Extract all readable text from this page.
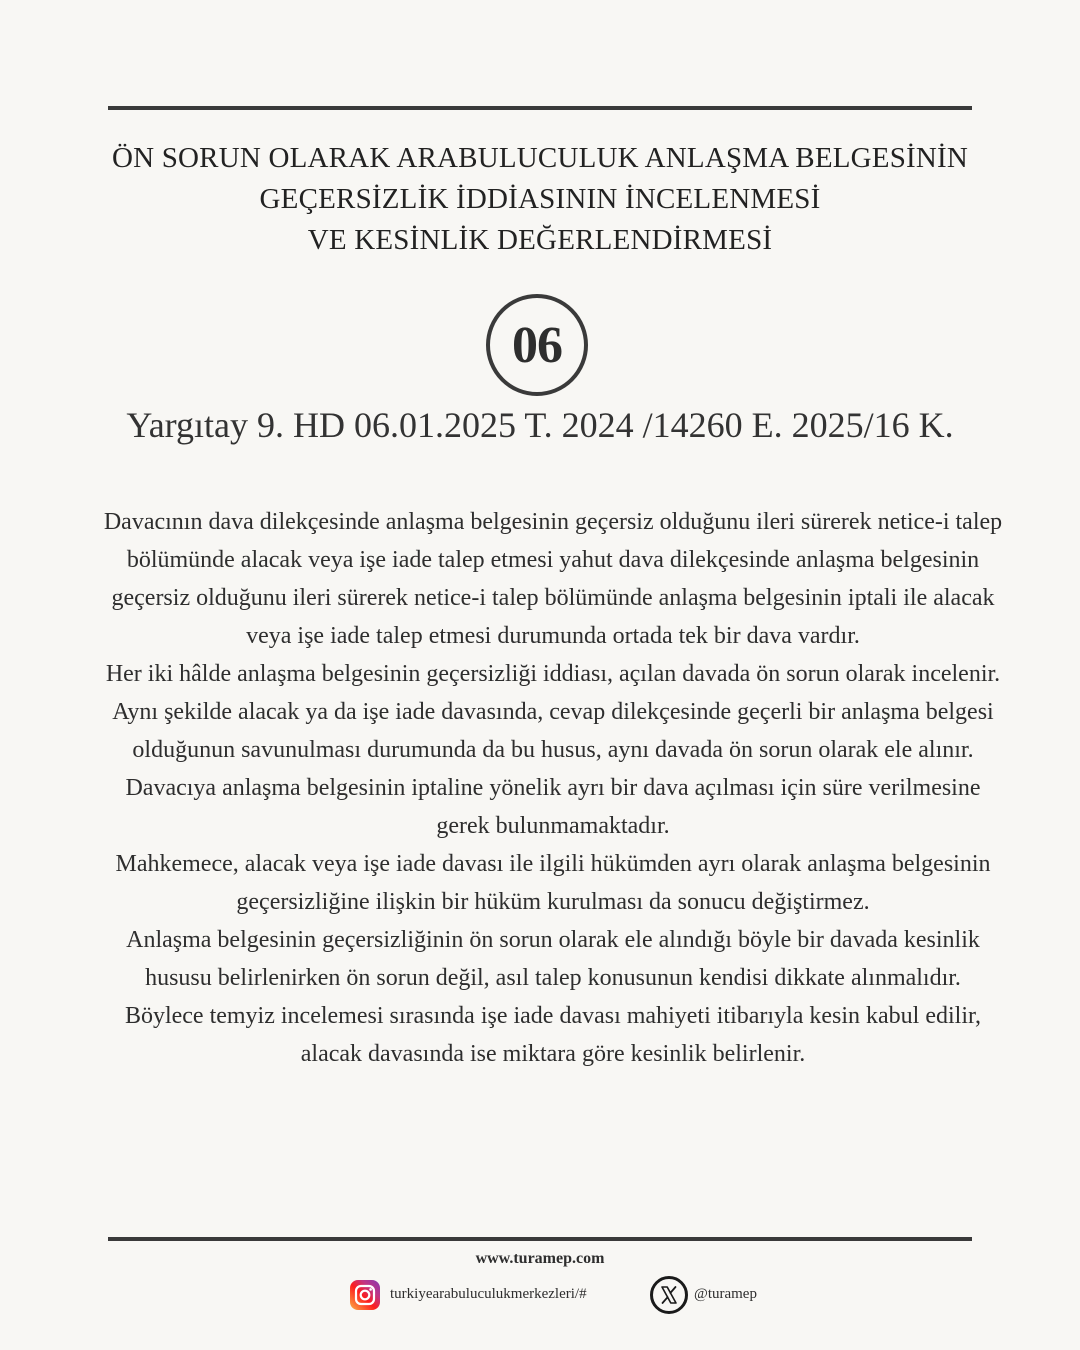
ÖN SORUN OLARAK ARABULUCULUK ANLAŞMA BELGESİNİN
GEÇERSİZLİK İDDİASININ İNCELENMESİ
VE KESİNLİK DEĞERLENDİRMESİ
06
Yargıtay 9. HD 06.01.2025 T. 2024 /14260 E. 2025/16 K.

Davacının dava dilekçesinde anlaşma belgesinin geçersiz olduğunu ileri sürerek netice-i talep bölümünde alacak veya işe iade talep etmesi yahut dava dilekçesinde anlaşma belgesinin geçersiz olduğunu ileri sürerek netice-i talep bölümünde anlaşma belgesinin iptali ile alacak veya işe iade talep etmesi durumunda ortada tek bir dava vardır.

Her iki hâlde anlaşma belgesinin geçersizliği iddiası, açılan davada ön sorun olarak incelenir. Aynı şekilde alacak ya da işe iade davasında, cevap dilekçesinde geçerli bir anlaşma belgesi olduğunun savunulması durumunda da bu husus, aynı davada ön sorun olarak ele alınır.

Davacıya anlaşma belgesinin iptaline yönelik ayrı bir dava açılması için süre verilmesine gerek bulunmamaktadır.

Mahkemece, alacak veya işe iade davası ile ilgili hükümden ayrı olarak anlaşma belgesinin geçersizliğine ilişkin bir hüküm kurulması da sonucu değiştirmez.

Anlaşma belgesinin geçersizliğinin ön sorun olarak ele alındığı böyle bir davada kesinlik hususu belirlenirken ön sorun değil, asıl talep konusunun kendisi dikkate alınmalıdır.

Böylece temyiz incelemesi sırasında işe iade davası mahiyeti itibarıyla kesin kabul edilir, alacak davasında ise miktara göre kesinlik belirlenir.

www.turamep.com
turkiyearabuluculukmerkezleri/#	@turamep
